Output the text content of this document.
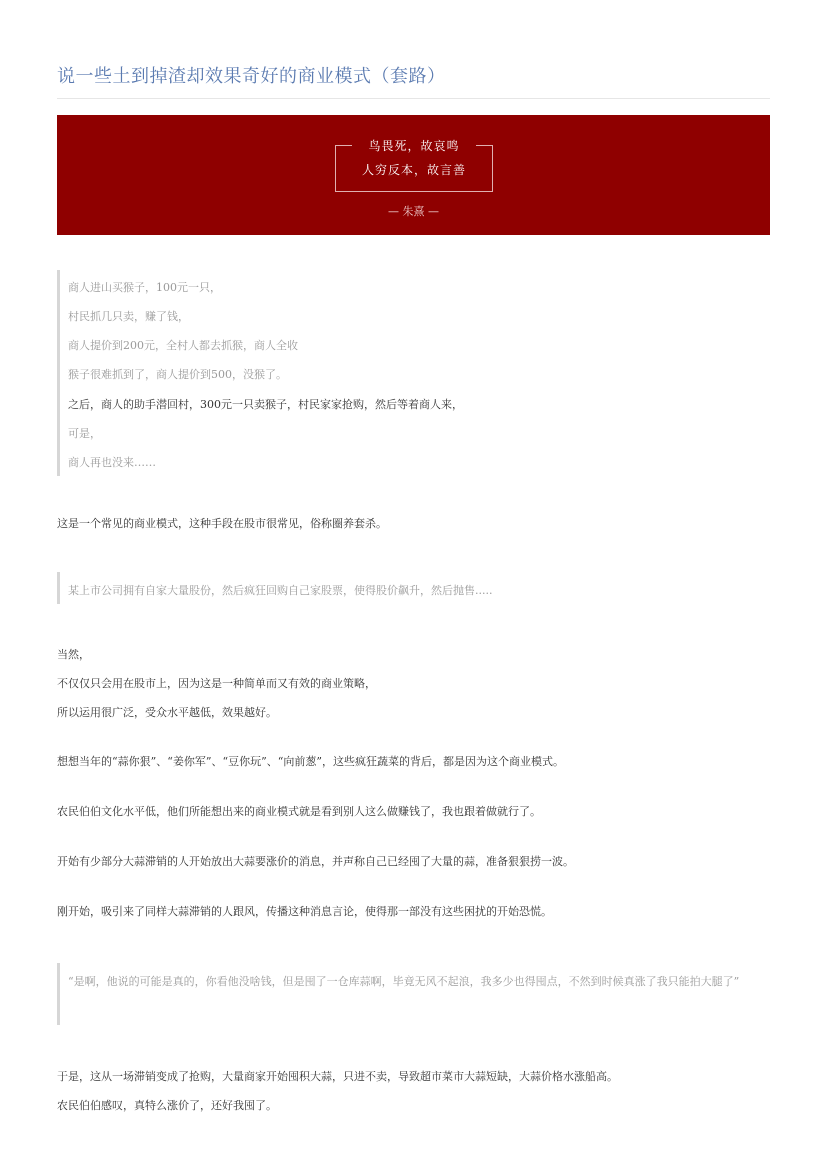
说一些土到掉渣却效果奇好的商业模式（套路）
鸟畏死，故哀鸣
人穷反本，故言善
— 朱熹 —
商人进山买猴子，100元一只，
村民抓几只卖，赚了钱，
商人提价到200元，全村人都去抓猴，商人全收
猴子很难抓到了，商人提价到500，没猴了。
之后，商人的助手潜回村，300元一只卖猴子，村民家家抢购，然后等着商人来，
可是，
商人再也没来……
这是一个常见的商业模式，这种手段在股市很常见，俗称圈养套杀。
某上市公司拥有自家大量股份，然后疯狂回购自己家股票，使得股价飙升，然后抛售.....
当然，
不仅仅只会用在股市上，因为这是一种简单而又有效的商业策略，
所以运用很广泛，受众水平越低，效果越好。
想想当年的“蒜你狠”、“姜你军”、“豆你玩”、“向前葱”，这些疯狂蔬菜的背后，都是因为这个商业模式。
农民伯伯文化水平低，他们所能想出来的商业模式就是看到别人这么做赚钱了，我也跟着做就行了。
开始有少部分大蒜滞销的人开始放出大蒜要涨价的消息，并声称自己已经囤了大量的蒜，准备狠狠捞一波。
刚开始，吸引来了同样大蒜滞销的人跟风，传播这种消息言论，使得那一部没有这些困扰的开始恐慌。
“是啊，他说的可能是真的，你看他没啥钱，但是囤了一仓库蒜啊，毕竟无风不起浪，我多少也得囤点，不然到时候真涨了我只能拍大腿了”
于是，这从一场滞销变成了抢购，大量商家开始囤积大蒜，只进不卖，导致超市菜市大蒜短缺，大蒜价格水涨船高。
农民伯伯感叹，真特么涨价了，还好我囤了。
